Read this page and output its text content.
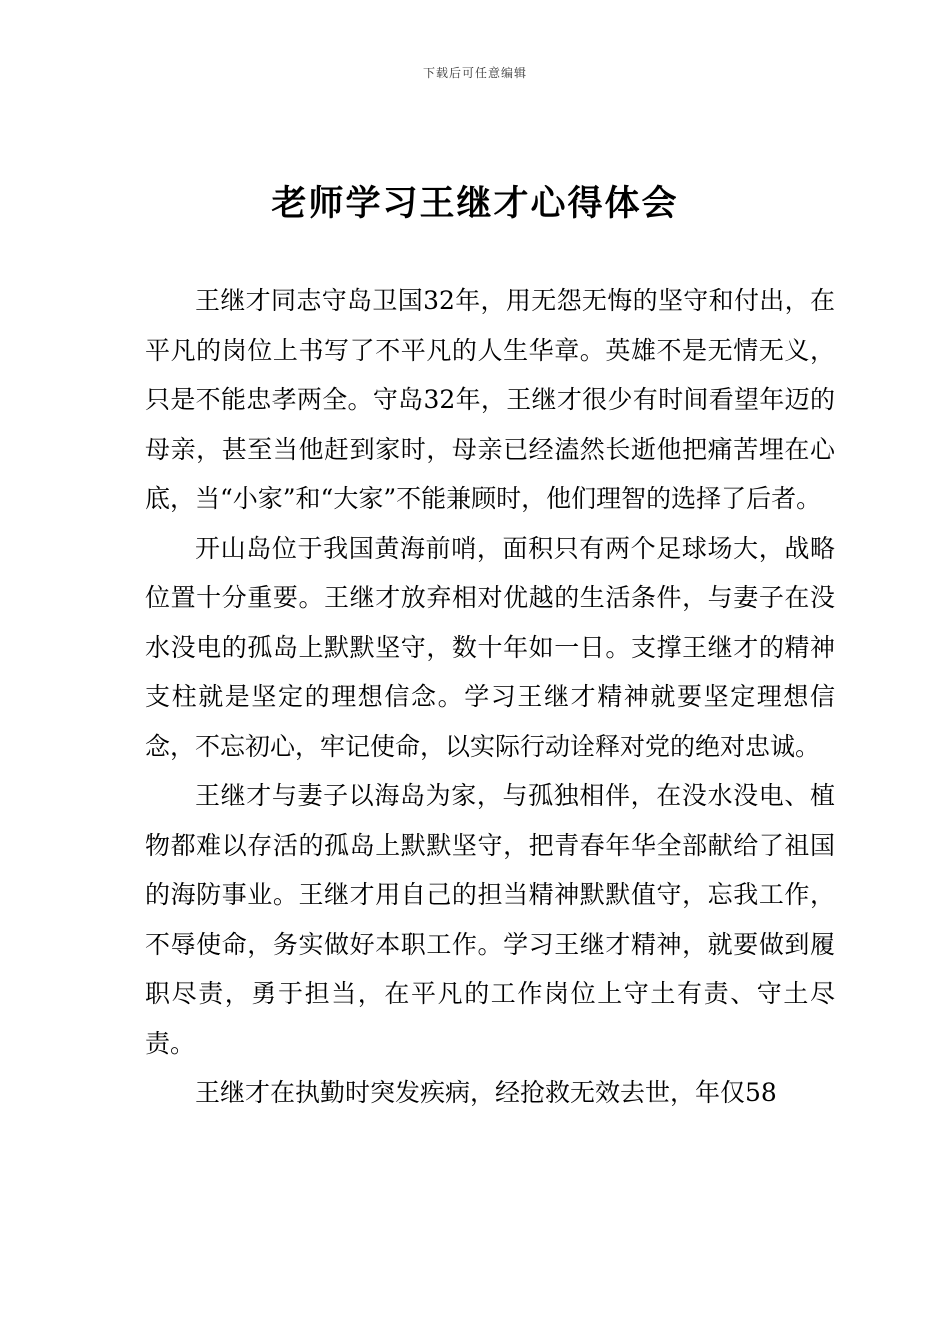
下载后可任意编辑
老师学习王继才心得体会

王继才同志守岛卫国32年，用无怨无悔的坚守和付出，在平凡的岗位上书写了不平凡的人生华章。英雄不是无情无义，只是不能忠孝两全。守岛32年，王继才很少有时间看望年迈的母亲，甚至当他赶到家时，母亲已经溘然长逝他把痛苦埋在心底，当“小家”和“大家”不能兼顾时，他们理智的选择了后者。

开山岛位于我国黄海前哨，面积只有两个足球场大，战略位置十分重要。王继才放弃相对优越的生活条件，与妻子在没水没电的孤岛上默默坚守，数十年如一日。支撑王继才的精神支柱就是坚定的理想信念。学习王继才精神就要坚定理想信念，不忘初心，牢记使命，以实际行动诠释对党的绝对忠诚。

王继才与妻子以海岛为家，与孤独相伴，在没水没电、植物都难以存活的孤岛上默默坚守，把青春年华全部献给了祖国的海防事业。王继才用自己的担当精神默默值守，忘我工作，不辱使命，务实做好本职工作。学习王继才精神，就要做到履职尽责，勇于担当，在平凡的工作岗位上守土有责、守土尽责。

王继才在执勤时突发疾病，经抢救无效去世，年仅58
